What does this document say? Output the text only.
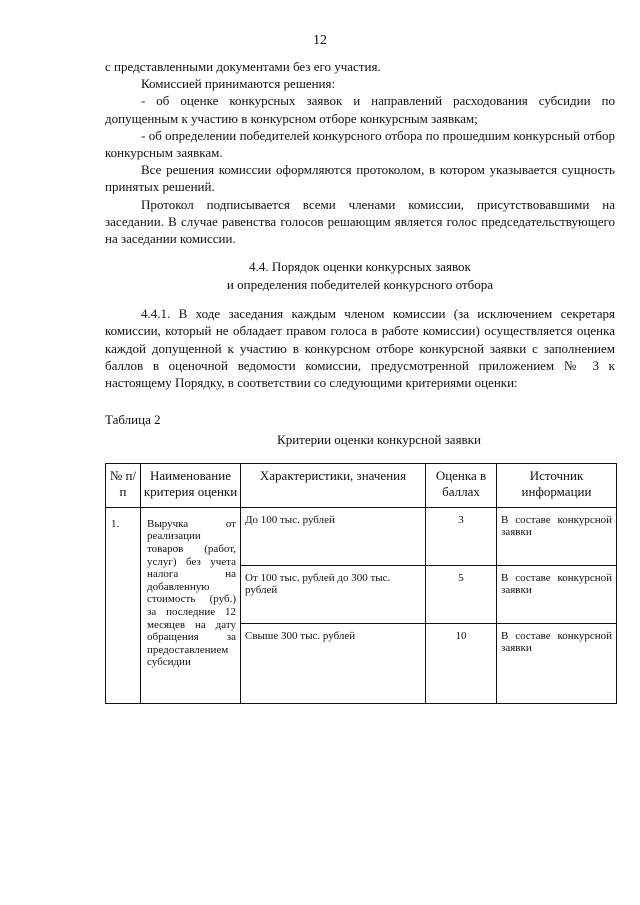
12

с представленными документами без его участия.

Комиссией принимаются решения:

- об оценке конкурсных заявок и направлений расходования субсидии по допущенным к участию в конкурсном отборе конкурсным заявкам;

- об определении победителей конкурсного отбора по прошедшим конкурсный отбор конкурсным заявкам.

Все решения комиссии оформляются протоколом, в котором указывается сущность принятых решений.

Протокол подписывается всеми членами комиссии, присутствовавшими на заседании. В случае равенства голосов решающим является голос председательствующего на заседании комиссии.

4.4. Порядок оценки конкурсных заявок
и определения победителей конкурсного отбора

4.4.1. В ходе заседания каждым членом комиссии (за исключением секретаря комиссии, который не обладает правом голоса в работе комиссии) осуществляется оценка каждой допущенной к участию в конкурсном отборе конкурсной заявки с заполнением баллов в оценочной ведомости комиссии, предусмотренной приложением № 3 к настоящему Порядку, в соответствии со следующими критериями оценки:

Таблица 2

Критерии оценки конкурсной заявки

№ п/п	Наименование критерия оценки	Характеристики, значения	Оценка в баллах	Источник информации
1.	Выручка от реализации товаров (работ, услуг) без учета налога на добавленную стоимость (руб.) за последние 12 месяцев на дату обращения за предоставлением субсидии	До 100 тыс. рублей	3	В составе конкурсной заявки
		От 100 тыс. рублей до 300 тыс. рублей	5	В составе конкурсной заявки
		Свыше 300 тыс. рублей	10	В составе конкурсной заявки
